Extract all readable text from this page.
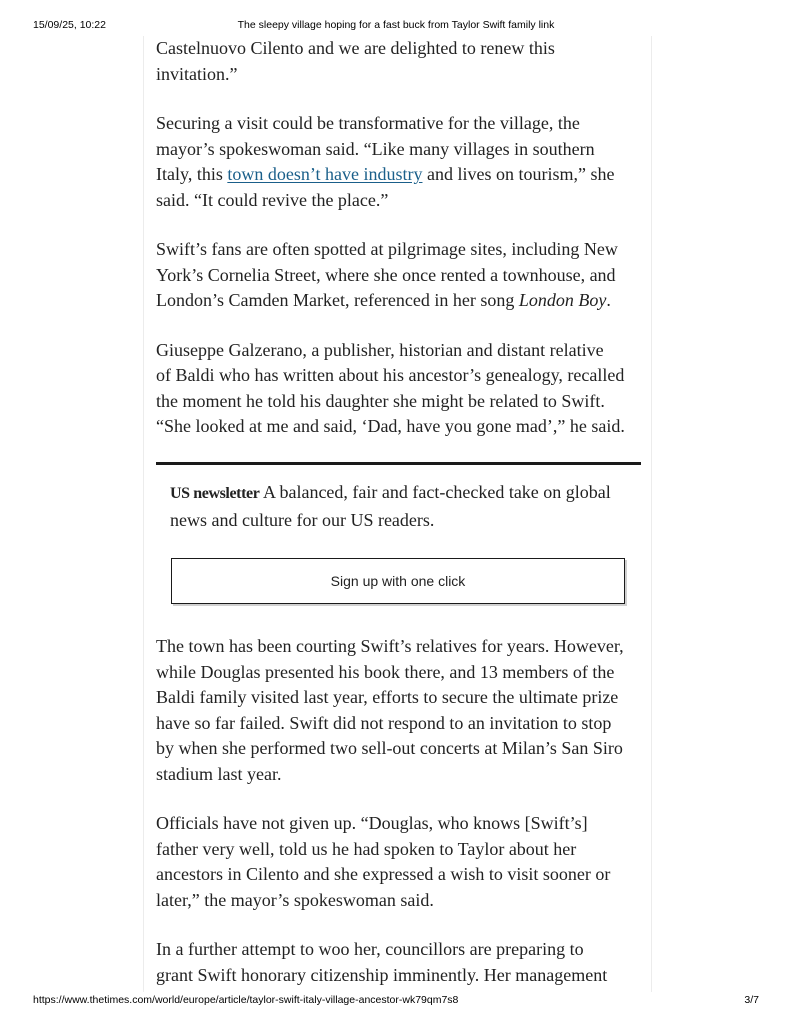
15/09/25, 10:22	The sleepy village hoping for a fast buck from Taylor Swift family link

Castelnuovo Cilento and we are delighted to renew this
invitation.”

Securing a visit could be transformative for the village, the
mayor’s spokeswoman said. “Like many villages in southern
Italy, this town doesn’t have industry and lives on tourism,” she
said. “It could revive the place.”

Swift’s fans are often spotted at pilgrimage sites, including New
York’s Cornelia Street, where she once rented a townhouse, and
London’s Camden Market, referenced in her song London Boy.

Giuseppe Galzerano, a publisher, historian and distant relative
of Baldi who has written about his ancestor’s genealogy, recalled
the moment he told his daughter she might be related to Swift.
“She looked at me and said, ‘Dad, have you gone mad’,” he said.

US newsletter A balanced, fair and fact-checked take on global
news and culture for our US readers.
Sign up with one click

The town has been courting Swift’s relatives for years. However,
while Douglas presented his book there, and 13 members of the
Baldi family visited last year, efforts to secure the ultimate prize
have so far failed. Swift did not respond to an invitation to stop
by when she performed two sell-out concerts at Milan’s San Siro
stadium last year.

Officials have not given up. “Douglas, who knows [Swift’s]
father very well, told us he had spoken to Taylor about her
ancestors in Cilento and she expressed a wish to visit sooner or
later,” the mayor’s spokeswoman said.

In a further attempt to woo her, councillors are preparing to
grant Swift honorary citizenship imminently. Her management

https://www.thetimes.com/world/europe/article/taylor-swift-italy-village-ancestor-wk79qm7s8	3/7
